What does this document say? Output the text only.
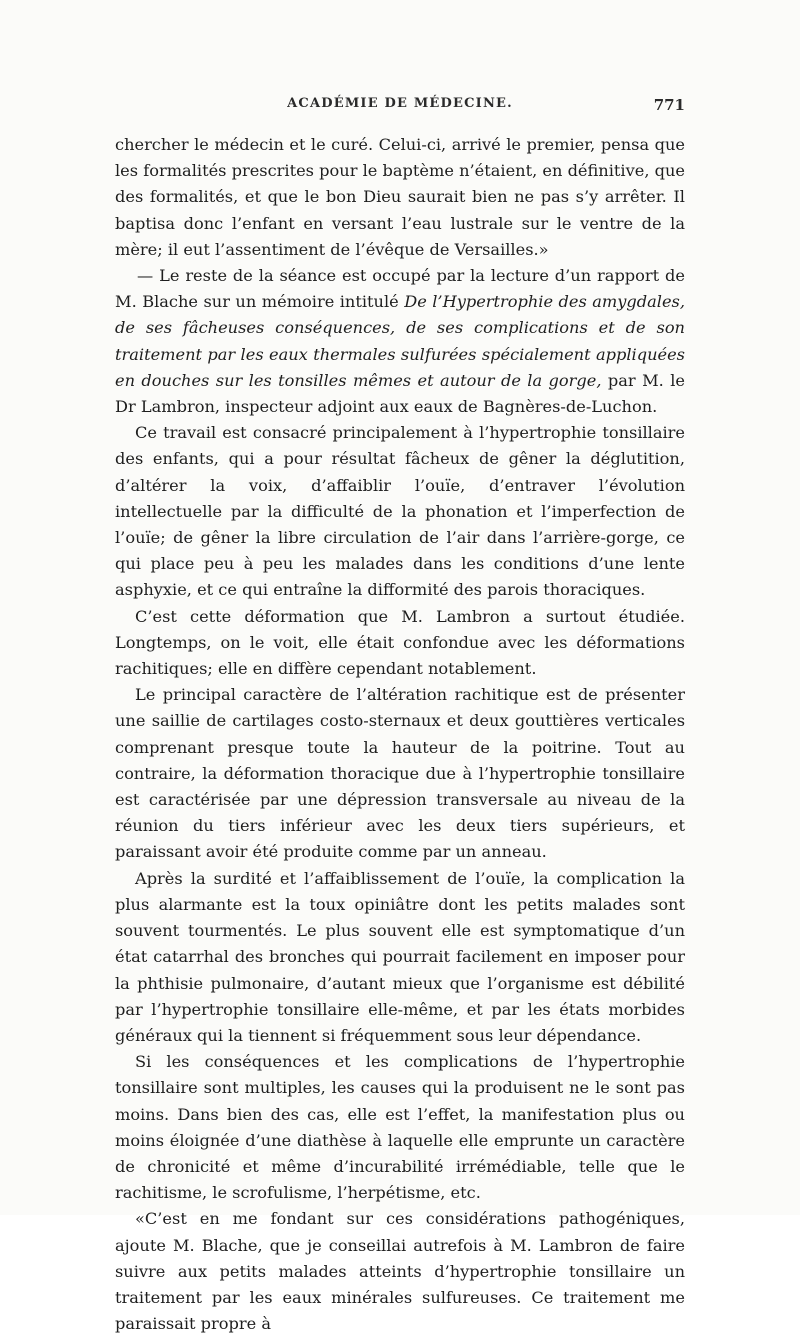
ACADÉMIE DE MÉDECINE.	771

chercher le médecin et le curé. Celui-ci, arrivé le premier, pensa que les formalités prescrites pour le baptème n’étaient, en définitive, que des formalités, et que le bon Dieu saurait bien ne pas s’y arrêter. Il baptisa donc l’enfant en versant l’eau lustrale sur le ventre de la mère; il eut l’assentiment de l’évêque de Versailles.»

— Le reste de la séance est occupé par la lecture d’un rapport de M. Blache sur un mémoire intitulé De l’Hypertrophie des amygdales, de ses fâcheuses conséquences, de ses complications et de son traitement par les eaux thermales sulfurées spécialement appliquées en douches sur les tonsilles mêmes et autour de la gorge, par M. le Dr Lambron, inspecteur adjoint aux eaux de Bagnères-de-Luchon.

Ce travail est consacré principalement à l’hypertrophie tonsillaire des enfants, qui a pour résultat fâcheux de gêner la déglutition, d’altérer la voix, d’affaiblir l’ouïe, d’entraver l’évolution intellectuelle par la difficulté de la phonation et l’imperfection de l’ouïe; de gêner la libre circulation de l’air dans l’arrière-gorge, ce qui place peu à peu les malades dans les conditions d’une lente asphyxie, et ce qui entraîne la difformité des parois thoraciques.

C’est cette déformation que M. Lambron a surtout étudiée. Longtemps, on le voit, elle était confondue avec les déformations rachitiques; elle en diffère cependant notablement.

Le principal caractère de l’altération rachitique est de présenter une saillie de cartilages costo-sternaux et deux gouttières verticales comprenant presque toute la hauteur de la poitrine. Tout au contraire, la déformation thoracique due à l’hypertrophie tonsillaire est caractérisée par une dépression transversale au niveau de la réunion du tiers inférieur avec les deux tiers supérieurs, et paraissant avoir été produite comme par un anneau.

Après la surdité et l’affaiblissement de l’ouïe, la complication la plus alarmante est la toux opiniâtre dont les petits malades sont souvent tourmentés. Le plus souvent elle est symptomatique d’un état catarrhal des bronches qui pourrait facilement en imposer pour la phthisie pulmonaire, d’autant mieux que l’organisme est débilité par l’hypertrophie tonsillaire elle-même, et par les états morbides généraux qui la tiennent si fréquemment sous leur dépendance.

Si les conséquences et les complications de l’hypertrophie tonsillaire sont multiples, les causes qui la produisent ne le sont pas moins. Dans bien des cas, elle est l’effet, la manifestation plus ou moins éloignée d’une diathèse à laquelle elle emprunte un caractère de chronicité et même d’incurabilité irrémédiable, telle que le rachitisme, le scrofulisme, l’herpétisme, etc.

«C’est en me fondant sur ces considérations pathogéniques, ajoute M. Blache, que je conseillai autrefois à M. Lambron de faire suivre aux petits malades atteints d’hypertrophie tonsillaire un traitement par les eaux minérales sulfureuses. Ce traitement me paraissait propre à
